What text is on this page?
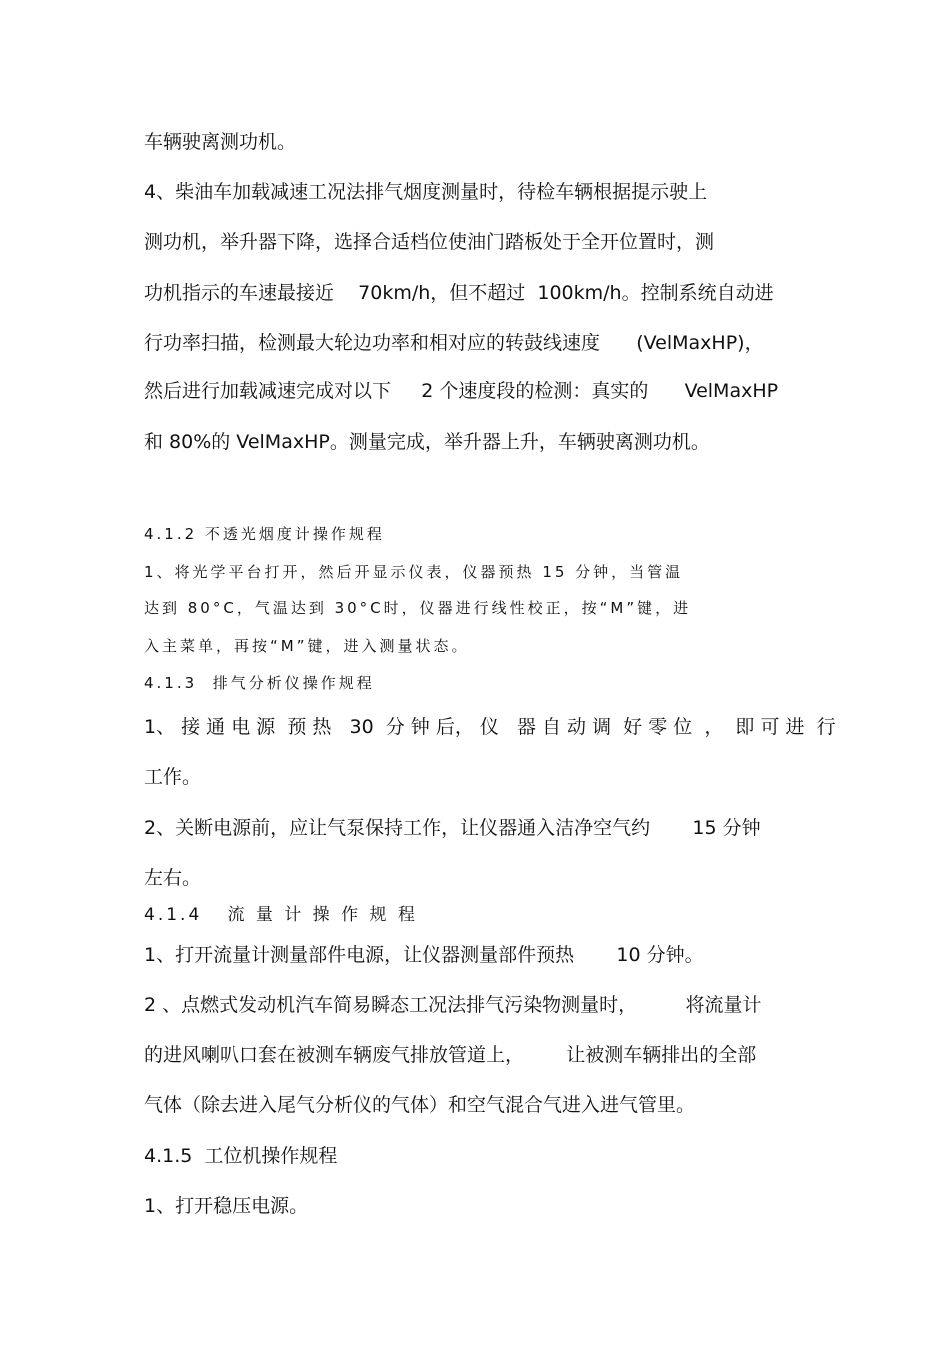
车辆驶离测功机。
4、柴油车加载减速工况法排气烟度测量时，待检车辆根据提示驶上
测功机，举升器下降，选择合适档位使油门踏板处于全开位置时，测
功机指示的车速最接近    70km/h，但不超过  100km/h。控制系统自动进
行功率扫描，检测最大轮边功率和相对应的转鼓线速度      (VelMaxHP)，
然后进行加载减速完成对以下     2 个速度段的检测：真实的      VelMaxHP
和 80%的 VelMaxHP。测量完成，举升器上升，车辆驶离测功机。
4.1.2 不透光烟度计操作规程
1、将光学平台打开，然后开显示仪表，仪器预热 15 分钟，当管温
达到 80°C，气温达到 30°C时，仪器进行线性校正，按“M”键，进
入主菜单，再按“M”键，进入测量状态。
4.1.3  排气分析仪操作规程
1、 接 通 电 源  预 热   30  分 钟 后， 仪   器 自 动 调  好 零 位  ，  即 可 进  行
工作。
2、关断电源前，应让气泵保持工作，让仪器通入洁净空气约       15 分钟
左右。
4.1.4   流 量 计 操 作 规 程
1、打开流量计测量部件电源，让仪器测量部件预热       10 分钟。
2 、点燃式发动机汽车简易瞬态工况法排气污染物测量时，        将流量计
的进风喇叭口套在被测车辆废气排放管道上，       让被测车辆排出的全部
气体（除去进入尾气分析仪的气体）和空气混合气进入进气管里。
4.1.5  工位机操作规程
1、打开稳压电源。
